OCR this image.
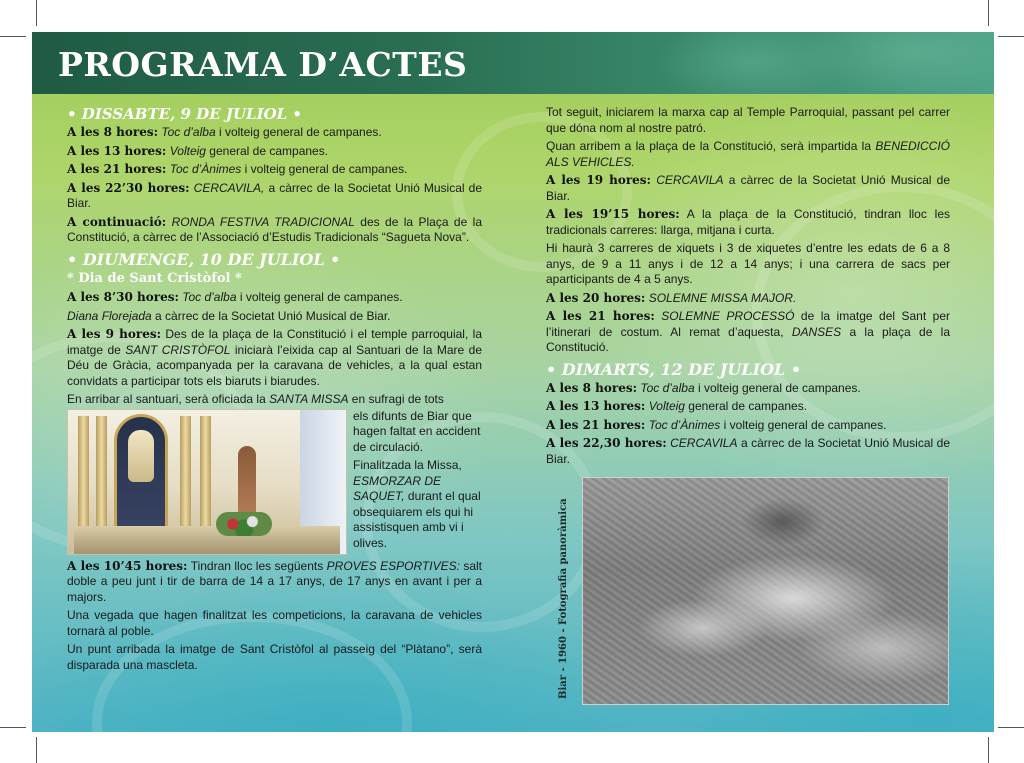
PROGRAMA D’ACTES
• DISSABTE, 9 DE JULIOL •

A les 8 hores: Toc d’alba i volteig general de campanes.

A les 13 hores: Volteig general de campanes.

A les 21 hores: Toc d’Ànimes i volteig general de campanes.

A les 22’30 hores: CERCAVILA, a càrrec de la Societat Unió Musical de Biar.

A continuació: RONDA FESTIVA TRADICIONAL des de la Plaça de la Constitució, a càrrec de l’Associació d’Estudis Tradicionals “Sagueta Nova”.

• DIUMENGE, 10 DE JULIOL •
* Dia de Sant Cristòfol *

A les 8’30 hores: Toc d’alba i volteig general de campanes.

Diana Florejada a càrrec de la Societat Unió Musical de Biar.

A les 9 hores: Des de la plaça de la Constitució i el temple parroquial, la imatge de SANT CRISTÒFOL iniciarà l’eixida cap al Santuari de la Mare de Déu de Gràcia, acompanyada per la caravana de vehicles, a la qual estan convidats a participar tots els biaruts i biarudes.

En arribar al santuari, serà oficiada la SANTA MISSA en sufragi de tots

els difunts de Biar que hagen faltat en accident de circulació.

Finalitzada la Missa, ESMORZAR DE SAQUET, durant el qual obsequiarem els qui hi assistisquen amb vi i olives.

A les 10’45 hores: Tindran lloc les següents PROVES ESPORTIVES: salt doble a peu junt i tir de barra de 14 a 17 anys, de 17 anys en avant i per a majors.

Una vegada que hagen finalitzat les competicions, la caravana de vehicles tornarà al poble.

Un punt arribada la imatge de Sant Cristòfol al passeig del “Plàtano”, serà disparada una mascleta.

Tot seguit, iniciarem la marxa cap al Temple Parroquial, passant pel carrer que dóna nom al nostre patró.

Quan arribem a la plaça de la Constitució, serà impartida la BENEDICCIÓ ALS VEHICLES.

A les 19 hores: CERCAVILA a càrrec de la Societat Unió Musical de Biar.

A les 19’15 hores: A la plaça de la Constitució, tindran lloc les tradicionals carreres: llarga, mitjana i curta.

Hi haurà 3 carreres de xiquets i 3 de xiquetes d’entre les edats de 6 a 8 anys, de 9 a 11 anys i de 12 a 14 anys; i una carrera de sacs per aparticipants de 4 a 5 anys.

A les 20 hores: SOLEMNE MISSA MAJOR.

A les 21 hores: SOLEMNE PROCESSÓ de la imatge del Sant per l’itinerari de costum. Al remat d’aquesta, DANSES a la plaça de la Constitució.

• DIMARTS, 12 DE JULIOL •

A les 8 hores: Toc d’alba i volteig general de campanes.

A les 13 hores: Volteig general de campanes.

A les 21 hores: Toc d’Ànimes i volteig general de campanes.

A les 22,30 hores: CERCAVILA a càrrec de la Societat Unió Musical de Biar.

Biar - 1960 - Fotografia panoràmica
